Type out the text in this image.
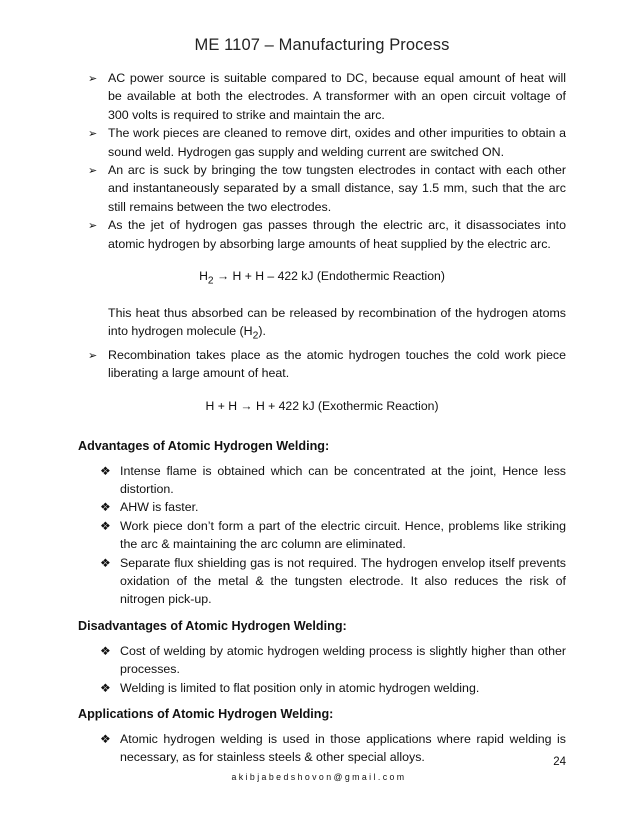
ME 1107 – Manufacturing Process
➢ AC power source is suitable compared to DC, because equal amount of heat will be available at both the electrodes. A transformer with an open circuit voltage of 300 volts is required to strike and maintain the arc.
➢ The work pieces are cleaned to remove dirt, oxides and other impurities to obtain a sound weld. Hydrogen gas supply and welding current are switched ON.
➢ An arc is suck by bringing the tow tungsten electrodes in contact with each other and instantaneously separated by a small distance, say 1.5 mm, such that the arc still remains between the two electrodes.
➢ As the jet of hydrogen gas passes through the electric arc, it disassociates into atomic hydrogen by absorbing large amounts of heat supplied by the electric arc.
$H_2 \to H + H - 422$ kJ (Endothermic Reaction)

This heat thus absorbed can be released by recombination of the hydrogen atoms into hydrogen molecule $(H_2)$.

➢ Recombination takes place as the atomic hydrogen touches the cold work piece liberating a large amount of heat.
H + H → H + 422 kJ (Exothermic Reaction)
Advantages of Atomic Hydrogen Welding:
❖ Intense flame is obtained which can be concentrated at the joint, Hence less distortion.
❖ AHW is faster.
❖ Work piece don’t form a part of the electric circuit. Hence, problems like striking the arc & maintaining the arc column are eliminated.
❖ Separate flux shielding gas is not required. The hydrogen envelop itself prevents oxidation of the metal & the tungsten electrode. It also reduces the risk of nitrogen pick-up.
Disadvantages of Atomic Hydrogen Welding:
❖ Cost of welding by atomic hydrogen welding process is slightly higher than other processes.
❖ Welding is limited to flat position only in atomic hydrogen welding.
Applications of Atomic Hydrogen Welding:
❖ Atomic hydrogen welding is used in those applications where rapid welding is necessary, as for stainless steels & other special alloys.	24
akibjabedshovon@gmail.com
